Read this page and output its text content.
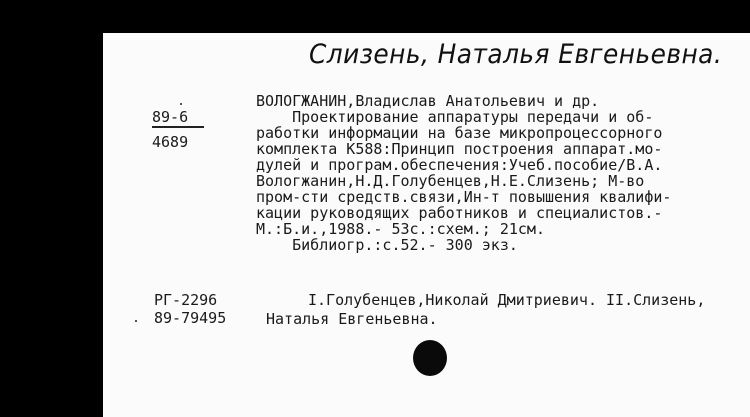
Слизень, Наталья Евгеньевна.
89-6
4689
ВОЛОГЖАНИН,Владислав Анатольевич и др.
Проектирование аппаратуры передачи и об-
работки информации на базе микропроцессорного
комплекта К588:Принцип построения аппарат.мо-
дулей и програм.обеспечения:Учеб.пособие/В.А.
Вологжанин,Н.Д.Голубенцев,Н.Е.Слизень; М-во
пром-сти средств.связи,Ин-т повышения квалифи-
кации руководящих работников и специалистов.-
М.:Б.и.,1988.- 53с.:схем.; 21см.
Библиогр.:с.52.- 300 экз.
РГ-2296
89-79495
I.Голубенцев,Николай Дмитриевич. II.Слизень,
Наталья Евгеньевна.
